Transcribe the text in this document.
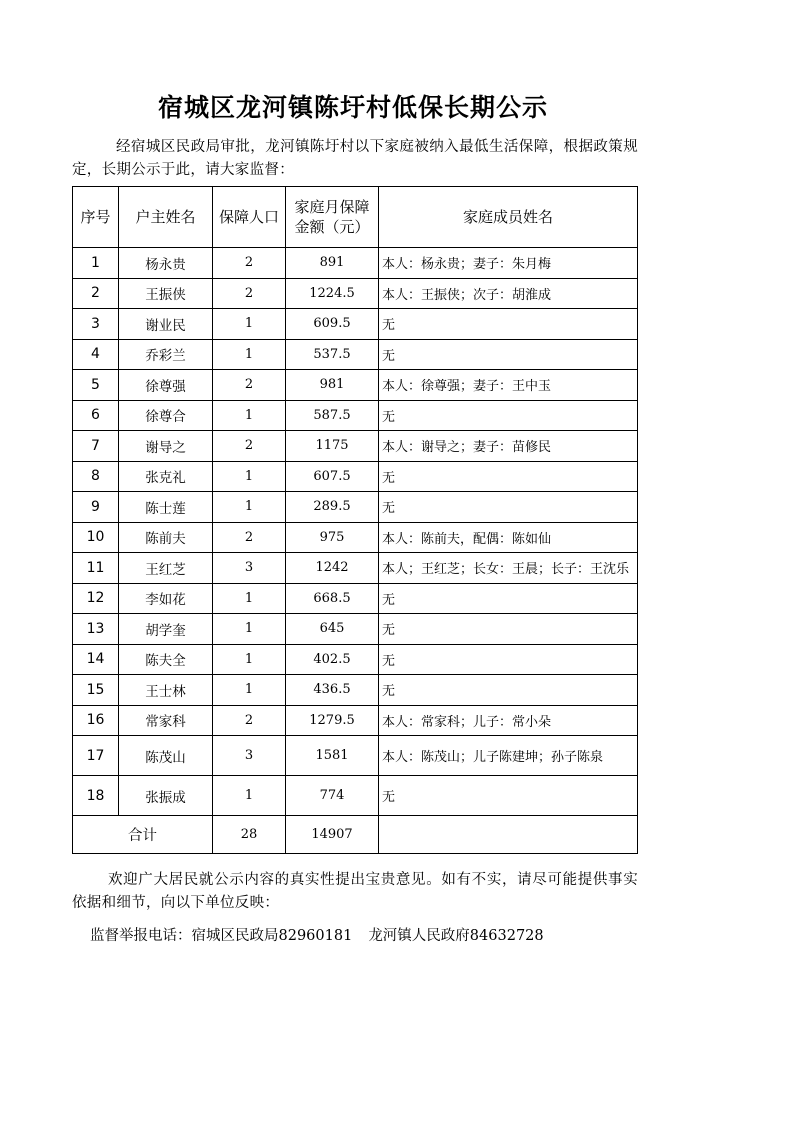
宿城区龙河镇陈圩村低保长期公示
经宿城区民政局审批，龙河镇陈圩村以下家庭被纳入最低生活保障，根据政策规定，长期公示于此，请大家监督：
序号	户主姓名	保障人口	家庭月保障
金额（元）	家庭成员姓名
1	杨永贵	2	891	本人：杨永贵；妻子：朱月梅
2	王振侠	2	1224.5	本人：王振侠；次子：胡淮成
3	谢业民	1	609.5	无
4	乔彩兰	1	537.5	无
5	徐尊强	2	981	本人：徐尊强；妻子：王中玉
6	徐尊合	1	587.5	无
7	谢导之	2	1175	本人：谢导之；妻子：苗修民
8	张克礼	1	607.5	无
9	陈士莲	1	289.5	无
10	陈前夫	2	975	本人：陈前夫，配偶：陈如仙
11	王红芝	3	1242	本人；王红芝；长女：王晨；长子：王沈乐
12	李如花	1	668.5	无
13	胡学奎	1	645	无
14	陈夫全	1	402.5	无
15	王士林	1	436.5	无
16	常家科	2	1279.5	本人：常家科；儿子：常小朵
17	陈茂山	3	1581	本人：陈茂山；儿子陈建坤；孙子陈泉
18	张振成	1	774	无
合计		28	14907	
欢迎广大居民就公示内容的真实性提出宝贵意见。如有不实，请尽可能提供事实依据和细节，向以下单位反映：
监督举报电话：宿城区民政局82960181 龙河镇人民政府84632728
